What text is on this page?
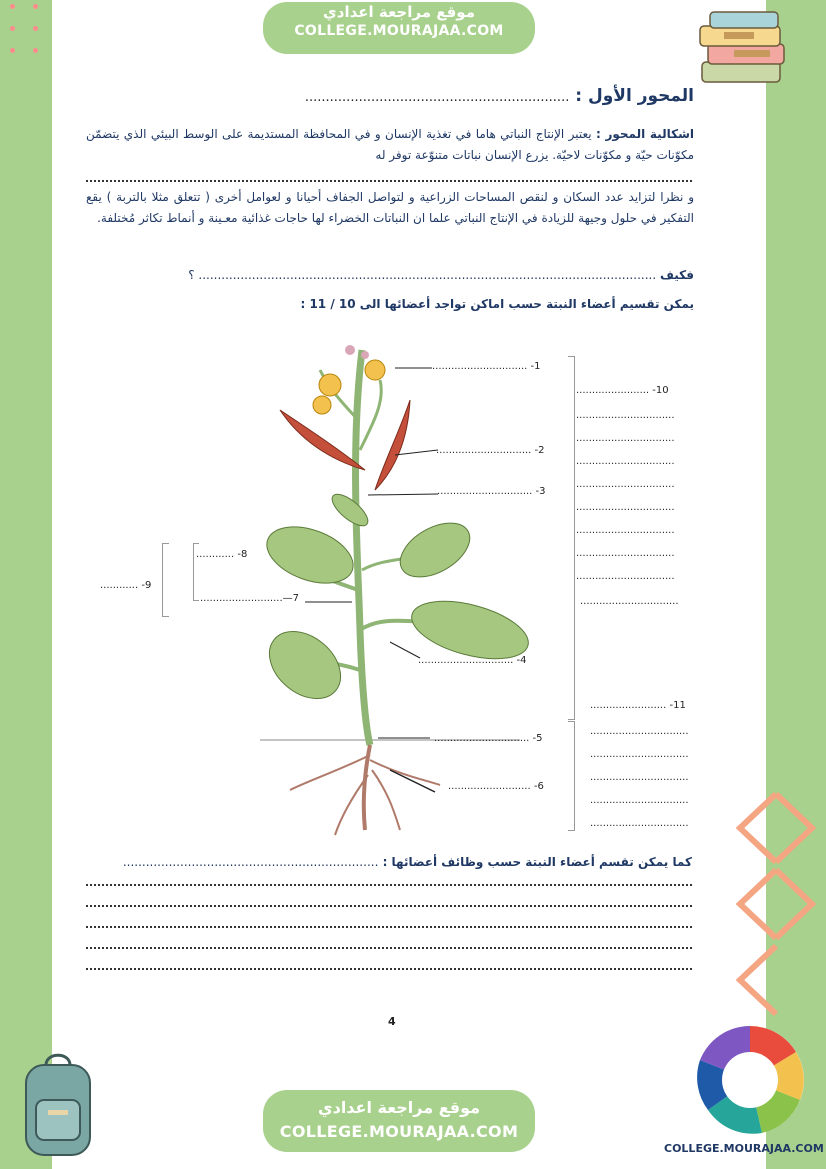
موقع مراجعة اعدادي
COLLEGE.MOURAJAA.COM
المحور الأول : ................................................................
اشكالية المحور : يعتبر الإنتاج النباتي هاما في تغذية الإنسان و في المحافظة المستديمة على الوسط البيئي الذي يتضمّن مكوّنات حيّة و مكوّنات لاحيّة. يزرع الإنسان نباتات متنوّعة توفر له
و نظرا لتزايد عدد السكان و لنقص المساحات الزراعية و لتواصل الجفاف أحيانا و لعوامل أخرى ( تتعلق مثلا بالتربة ) يقع التفكير في حلول وجيهة للزيادة في الإنتاج النباتي علما ان النباتات الخضراء لها حاجات غذائية معـينة و أنماط تكاثر مُختلفة.
فكيف ........................................................................................................................ ؟
يمكن تقسيم أعضاء النبتة حسب اماكن تواجد أعضائها الى 10 / 11 :
1- ..............................
2- ..............................
3- ..............................
4- ..............................
5- ..............................
6- ..........................
7—..........................
8- ............
9- ............
10- .......................
11- ........................
...............................
...............................
...............................
...............................
...............................
...............................
...............................
...............................
...............................
...............................
...............................
...............................
...............................
...............................
كما يمكن تقسم أعضاء النبتة حسب وظائف أعضائها : ...................................................................
4
موقع مراجعة اعدادي
COLLEGE.MOURAJAA.COM
COLLEGE.MOURAJAA.COM
